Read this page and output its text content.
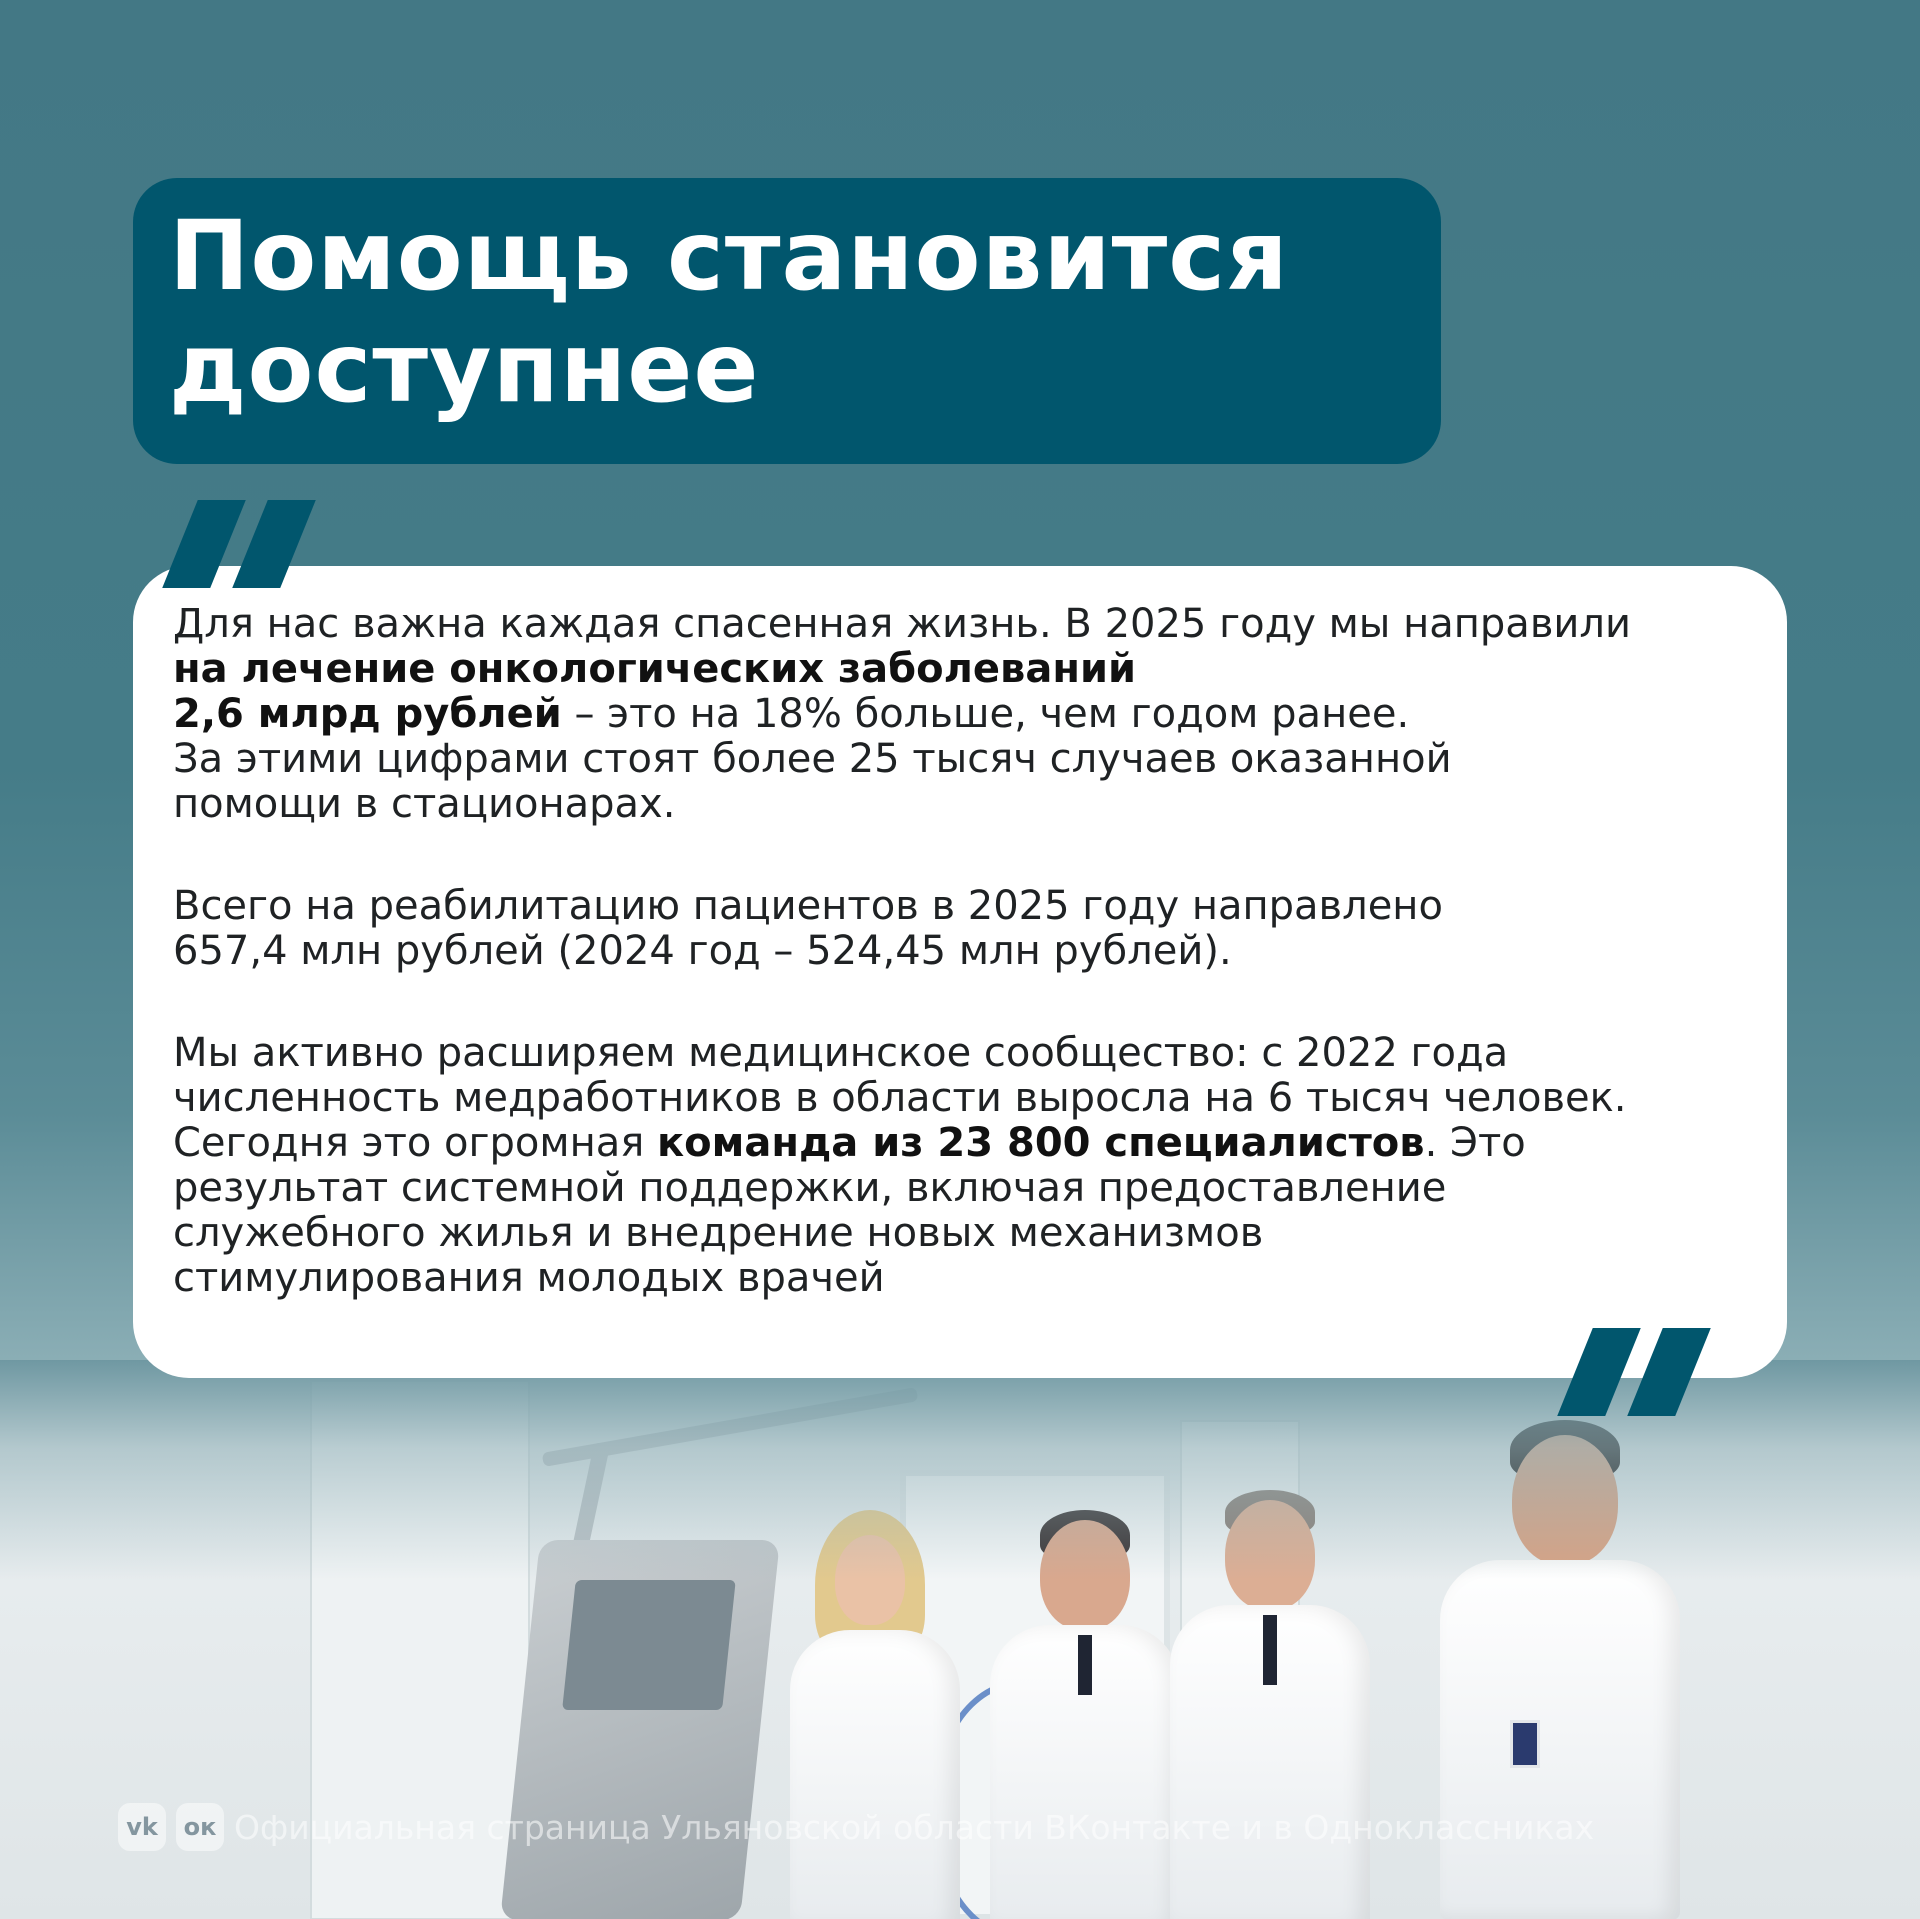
vk	ок Официальная страница Ульяновской области ВКонтакте и в Одноклассниках
Помощь становится
доступнее

Для нас важна каждая спасенная жизнь. В 2025 году мы направили

на лечение онкологических заболеваний

2,6 млрд рублей – это на 18% больше, чем годом ранее.

За этими цифрами стоят более 25 тысяч случаев оказанной

помощи в стационарах.

Всего на реабилитацию пациентов в 2025 году направлено

657,4 млн рублей (2024 год – 524,45 млн рублей).

Мы активно расширяем медицинское сообщество: с 2022 года

численность медработников в области выросла на 6 тысяч человек.

Сегодня это огромная команда из 23 800 специалистов. Это

результат системной поддержки, включая предоставление

служебного жилья и внедрение новых механизмов

стимулирования молодых врачей
